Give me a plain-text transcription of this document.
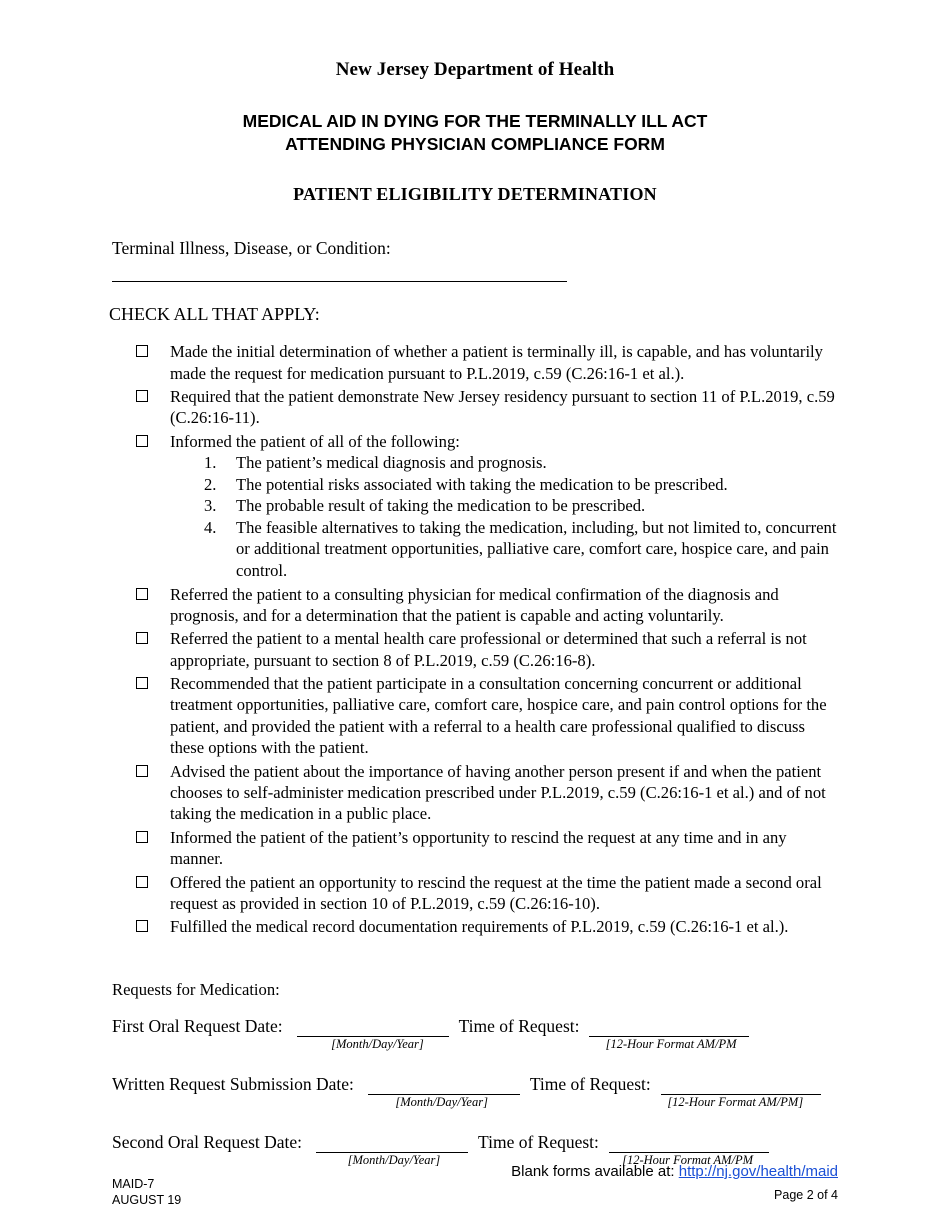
New Jersey Department of Health
MEDICAL AID IN DYING FOR THE TERMINALLY ILL ACT
ATTENDING PHYSICIAN COMPLIANCE FORM
PATIENT ELIGIBILITY DETERMINATION
Terminal Illness, Disease, or Condition:
CHECK ALL THAT APPLY:
Made the initial determination of whether a patient is terminally ill, is capable, and has voluntarily made the request for medication pursuant to P.L.2019, c.59 (C.26:16-1 et al.).
Required that the patient demonstrate New Jersey residency pursuant to section 11 of P.L.2019, c.59 (C.26:16-11).
Informed the patient of all of the following:
The patient’s medical diagnosis and prognosis.
The potential risks associated with taking the medication to be prescribed.
The probable result of taking the medication to be prescribed.
The feasible alternatives to taking the medication, including, but not limited to, concurrent or additional treatment opportunities, palliative care, comfort care, hospice care, and pain control.
Referred the patient to a consulting physician for medical confirmation of the diagnosis and prognosis, and for a determination that the patient is capable and acting voluntarily.
Referred the patient to a mental health care professional or determined that such a referral is not appropriate, pursuant to section 8 of P.L.2019, c.59 (C.26:16-8).
Recommended that the patient participate in a consultation concerning concurrent or additional treatment opportunities, palliative care, comfort care, hospice care, and pain control options for the patient, and provided the patient with a referral to a health care professional qualified to discuss these options with the patient.
Advised the patient about the importance of having another person present if and when the patient chooses to self-administer medication prescribed under P.L.2019, c.59 (C.26:16-1 et al.) and of not taking the medication in a public place.
Informed the patient of the patient’s opportunity to rescind the request at any time and in any manner.
Offered the patient an opportunity to rescind the request at the time the patient made a second oral request as provided in section 10 of P.L.2019, c.59 (C.26:16-10).
Fulfilled the medical record documentation requirements of P.L.2019, c.59 (C.26:16-1 et al.).
Requests for Medication:
First Oral Request Date:	Time of Request:
[Month/Day/Year]	[12-Hour Format AM/PM
Written Request Submission Date:	Time of Request:
[Month/Day/Year]	[12-Hour Format AM/PM]
Second Oral Request Date:	Time of Request:
[Month/Day/Year]	[12-Hour Format AM/PM
Blank forms available at: http://nj.gov/health/maid
Page 2 of 4
MAID-7
AUGUST 19
